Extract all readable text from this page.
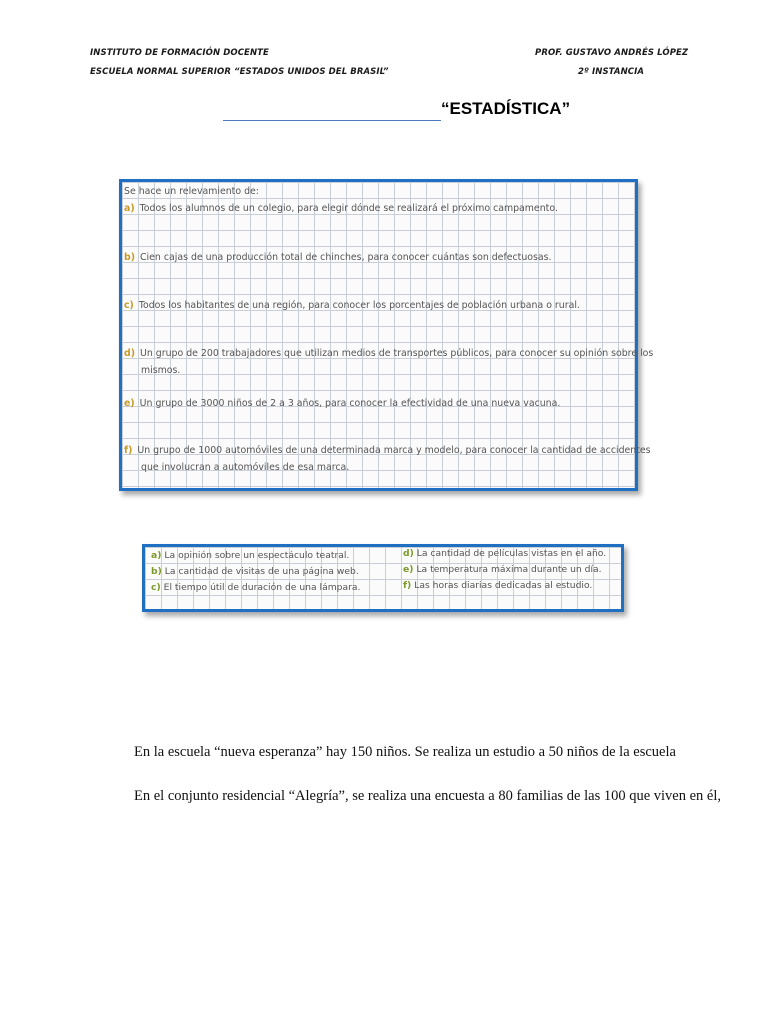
INSTITUTO DE FORMACIÓN DOCENTE
ESCUELA NORMAL SUPERIOR “ESTADOS UNIDOS DEL BRASIL”
PROF. GUSTAVO ANDRÉS LÓPEZ
2º INSTANCIA
“ESTADÍSTICA”
Se hace un relevamiento de:
a) Todos los alumnos de un colegio, para elegir dónde se realizará el próximo campamento.
b) Cien cajas de una producción total de chinches, para conocer cuántas son defectuosas.
c) Todos los habitantes de una región, para conocer los porcentajes de población urbana o rural.
d) Un grupo de 200 trabajadores que utilizan medios de transportes públicos, para conocer su opinión sobre los
mismos.
e) Un grupo de 3000 niños de 2 a 3 años, para conocer la efectividad de una nueva vacuna.
f) Un grupo de 1000 automóviles de una determinada marca y modelo, para conocer la cantidad de accidentes
que involucran a automóviles de esa marca.
a) La opinión sobre un espectáculo teatral.
b) La cantidad de visitas de una página web.
c) El tiempo útil de duración de una lámpara.
d) La cantidad de películas vistas en el año.
e) La temperatura máxima durante un día.
f) Las horas diarias dedicadas al estudio.
En la escuela “nueva esperanza” hay 150 niños. Se realiza un estudio a 50 niños de la escuela
En el conjunto residencial “Alegría”, se realiza una encuesta a 80 familias de las 100 que viven en él,
